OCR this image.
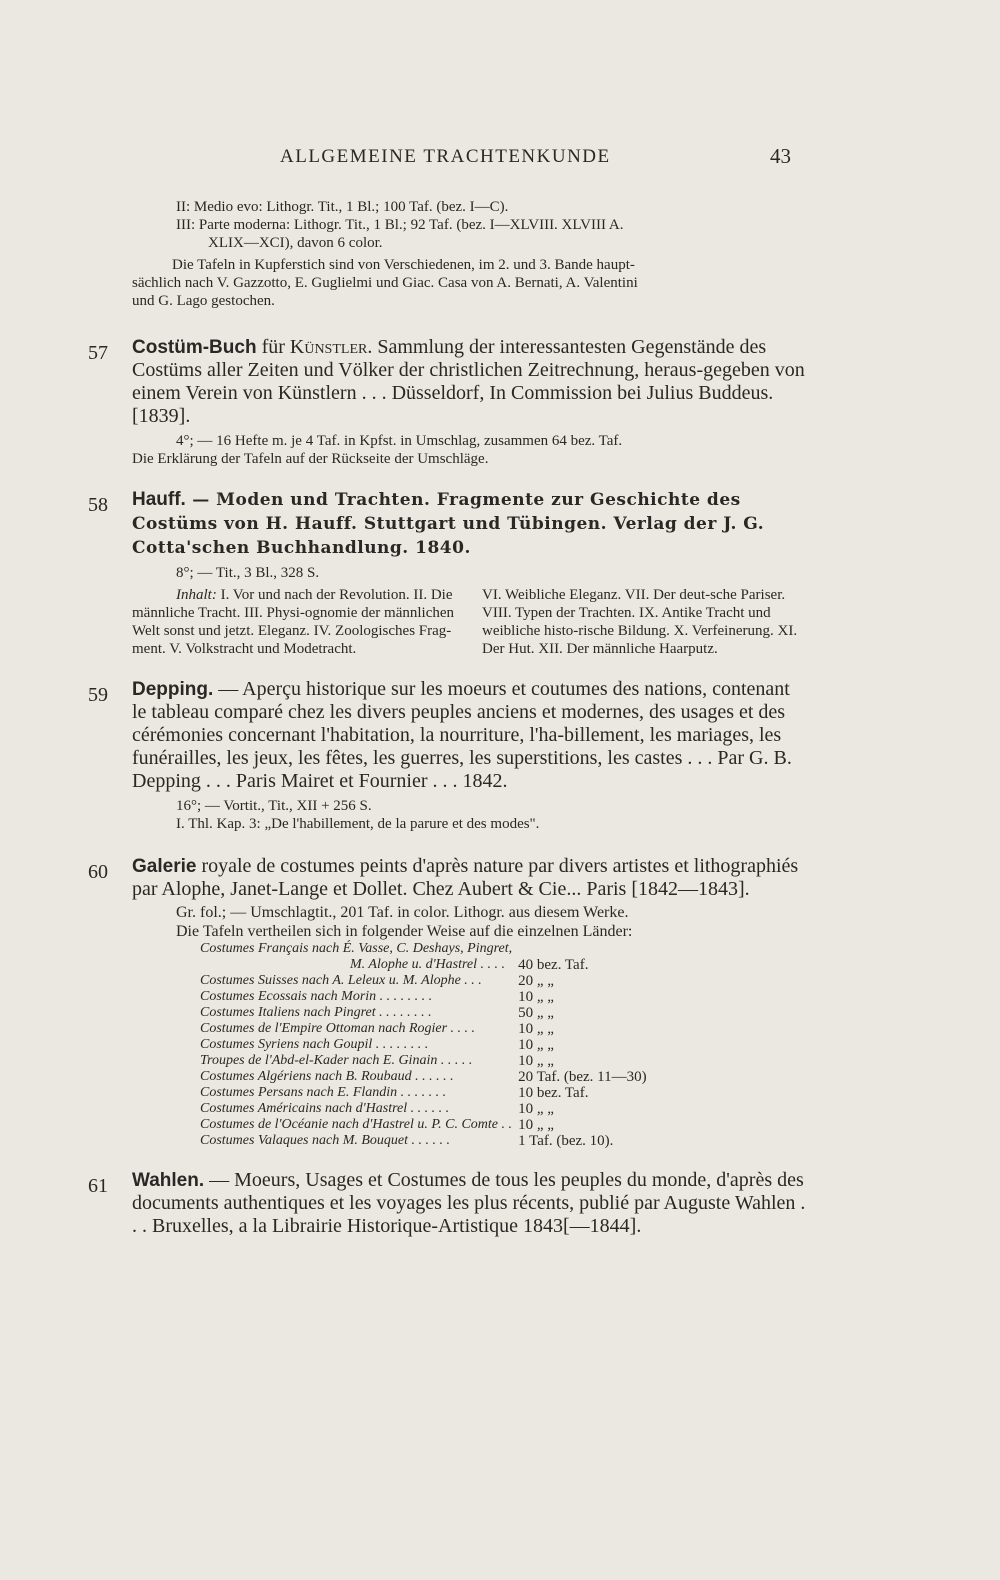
ALLGEMEINE TRACHTENKUNDE	43

II: Medio evo: Lithogr. Tit., 1 Bl.; 100 Taf. (bez. I—C).

III: Parte moderna: Lithogr. Tit., 1 Bl.; 92 Taf. (bez. I—XLVIII. XLVIII A.

XLIX—XCI), davon 6 color.

Die Tafeln in Kupferstich sind von Verschiedenen, im 2. und 3. Bande haupt-

sächlich nach V. Gazzotto, E. Guglielmi und Giac. Casa von A. Bernati, A. Valentini

und G. Lago gestochen.

57 Costüm-Buch für Künstler. Sammlung der interessantesten Gegenstände des Costüms aller Zeiten und Völker der christlichen Zeitrechnung, heraus-gegeben von einem Verein von Künstlern . . . Düsseldorf, In Commission bei Julius Buddeus. [1839].

4°; — 16 Hefte m. je 4 Taf. in Kpfst. in Umschlag, zusammen 64 bez. Taf.

Die Erklärung der Tafeln auf der Rückseite der Umschläge.

58 Hauff. — Moden und Trachten. Fragmente zur Geschichte des Costüms von H. Hauff. Stuttgart und Tübingen. Verlag der J. G. Cotta'schen Buchhandlung. 1840.

8°; — Tit., 3 Bl., 328 S.

Inhalt: I. Vor und nach der Revolution. II. Die männliche Tracht. III. Physi-ognomie der männlichen Welt sonst und jetzt. Eleganz. IV. Zoologisches Frag-ment. V. Volkstracht und Modetracht.
VI. Weibliche Eleganz. VII. Der deut-sche Pariser. VIII. Typen der Trachten. IX. Antike Tracht und weibliche histo-rische Bildung. X. Verfeinerung. XI. Der Hut. XII. Der männliche Haarputz.
59 Depping. — Aperçu historique sur les moeurs et coutumes des nations, contenant le tableau comparé chez les divers peuples anciens et modernes, des usages et des cérémonies concernant l'habitation, la nourriture, l'ha-billement, les mariages, les funérailles, les jeux, les fêtes, les guerres, les superstitions, les castes . . . Par G. B. Depping . . . Paris Mairet et Fournier . . . 1842.

16°; — Vortit., Tit., XII + 256 S.

I. Thl. Kap. 3: „De l'habillement, de la parure et des modes".

60 Galerie royale de costumes peints d'après nature par divers artistes et lithographiés par Alophe, Janet-Lange et Dollet. Chez Aubert & Cie... Paris [1842—1843].

Gr. fol.; — Umschlagtit., 201 Taf. in color. Lithogr. aus diesem Werke.

Die Tafeln vertheilen sich in folgender Weise auf die einzelnen Länder:

Costumes Français nach É. Vasse, C. Deshays, Pingret,	
M. Alophe u. d'Hastrel . . . .	40 bez. Taf.
Costumes Suisses nach A. Leleux u. M. Alophe . . .	20 „ „
Costumes Ecossais nach Morin . . . . . . . .	10 „ „
Costumes Italiens nach Pingret . . . . . . . .	50 „ „
Costumes de l'Empire Ottoman nach Rogier . . . .	10 „ „
Costumes Syriens nach Goupil . . . . . . . .	10 „ „
Troupes de l'Abd-el-Kader nach E. Ginain . . . . .	10 „ „
Costumes Algériens nach B. Roubaud . . . . . .	20 Taf. (bez. 11—30)
Costumes Persans nach E. Flandin . . . . . . .	10 bez. Taf.
Costumes Américains nach d'Hastrel . . . . . .	10 „ „
Costumes de l'Océanie nach d'Hastrel u. P. C. Comte . .	10 „ „
Costumes Valaques nach M. Bouquet . . . . . .	1 Taf. (bez. 10).
61 Wahlen. — Moeurs, Usages et Costumes de tous les peuples du monde, d'après des documents authentiques et les voyages les plus récents, publié par Auguste Wahlen . . . Bruxelles, a la Librairie Historique-Artistique 1843[—1844].
